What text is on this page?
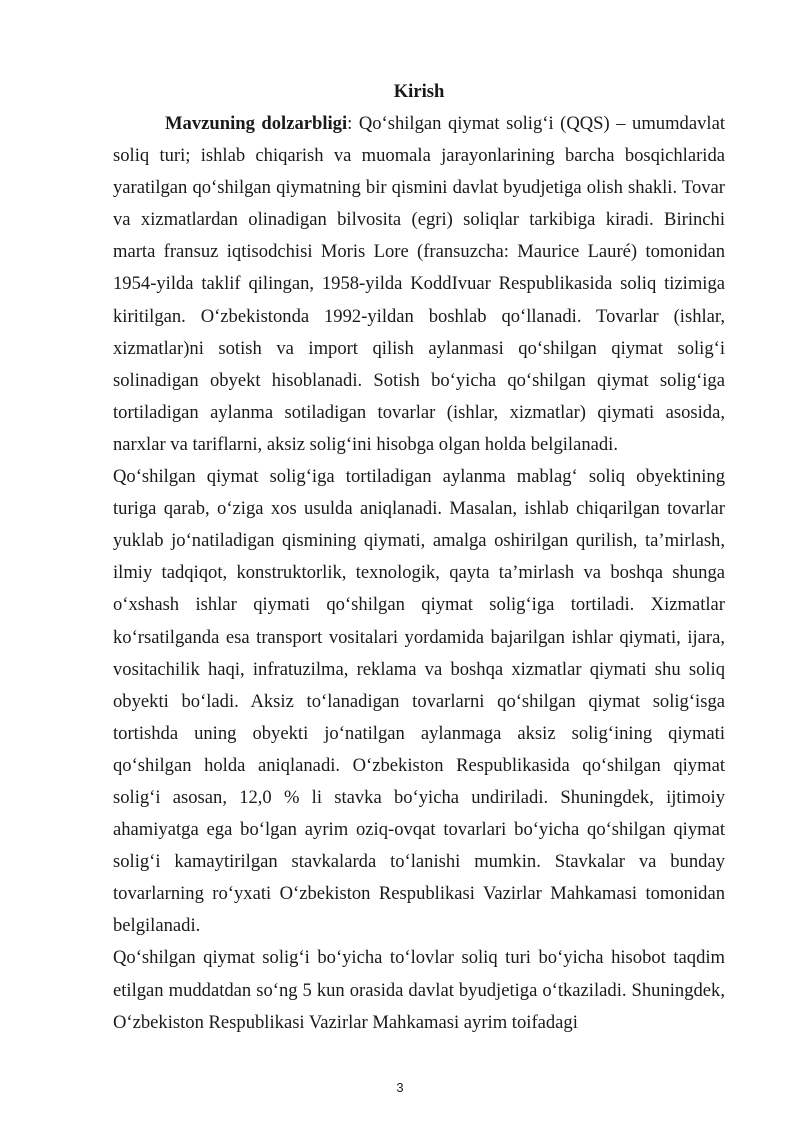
Kirish

Mavzuning dolzarbligi: Qo‘shilgan qiymat solig‘i (QQS) – umumdavlat soliq turi; ishlab chiqarish va muomala jarayonlarining barcha bosqichlarida yaratilgan qo‘shilgan qiymatning bir qismini davlat byudjetiga olish shakli. Tovar va xizmatlardan olinadigan bilvosita (egri) soliqlar tarkibiga kiradi. Birinchi marta fransuz iqtisodchisi Moris Lore (fransuzcha: Maurice Lauré) tomonidan 1954-yilda taklif qilingan, 1958-yilda KoddIvuar Respublikasida soliq tizimiga kiritilgan. O‘zbekistonda 1992-yildan boshlab qo‘llanadi. Tovarlar (ishlar, xizmatlar)ni sotish va import qilish aylanmasi qo‘shilgan qiymat solig‘i solinadigan obyekt hisoblanadi. Sotish bo‘yicha qo‘shilgan qiymat solig‘iga tortiladigan aylanma sotiladigan tovarlar (ishlar, xizmatlar) qiymati asosida, narxlar va tariflarni, aksiz solig‘ini hisobga olgan holda belgilanadi.

Qo‘shilgan qiymat solig‘iga tortiladigan aylanma mablag‘ soliq obyektining turiga qarab, o‘ziga xos usulda aniqlanadi. Masalan, ishlab chiqarilgan tovarlar yuklab jo‘natiladigan qismining qiymati, amalga oshirilgan qurilish, ta’mirlash, ilmiy tadqiqot, konstruktorlik, texnologik, qayta ta’mirlash va boshqa shunga o‘xshash ishlar qiymati qo‘shilgan qiymat solig‘iga tortiladi. Xizmatlar ko‘rsatilganda esa transport vositalari yordamida bajarilgan ishlar qiymati, ijara, vositachilik haqi, infratuzilma, reklama va boshqa xizmatlar qiymati shu soliq obyekti bo‘ladi. Aksiz to‘lanadigan tovarlarni qo‘shilgan qiymat solig‘isga tortishda uning obyekti jo‘natilgan aylanmaga aksiz solig‘ining qiymati qo‘shilgan holda aniqlanadi. O‘zbekiston Respublikasida qo‘shilgan qiymat solig‘i asosan, 12,0 % li stavka bo‘yicha undiriladi. Shuningdek, ijtimoiy ahamiyatga ega bo‘lgan ayrim oziq-ovqat tovarlari bo‘yicha qo‘shilgan qiymat solig‘i kamaytirilgan stavkalarda to‘lanishi mumkin. Stavkalar va bunday tovarlarning ro‘yxati O‘zbekiston Respublikasi Vazirlar Mahkamasi tomonidan belgilanadi.

Qo‘shilgan qiymat solig‘i bo‘yicha to‘lovlar soliq turi bo‘yicha hisobot taqdim etilgan muddatdan so‘ng 5 kun orasida davlat byudjetiga o‘tkaziladi. Shuningdek, O‘zbekiston Respublikasi Vazirlar Mahkamasi ayrim toifadagi

3
